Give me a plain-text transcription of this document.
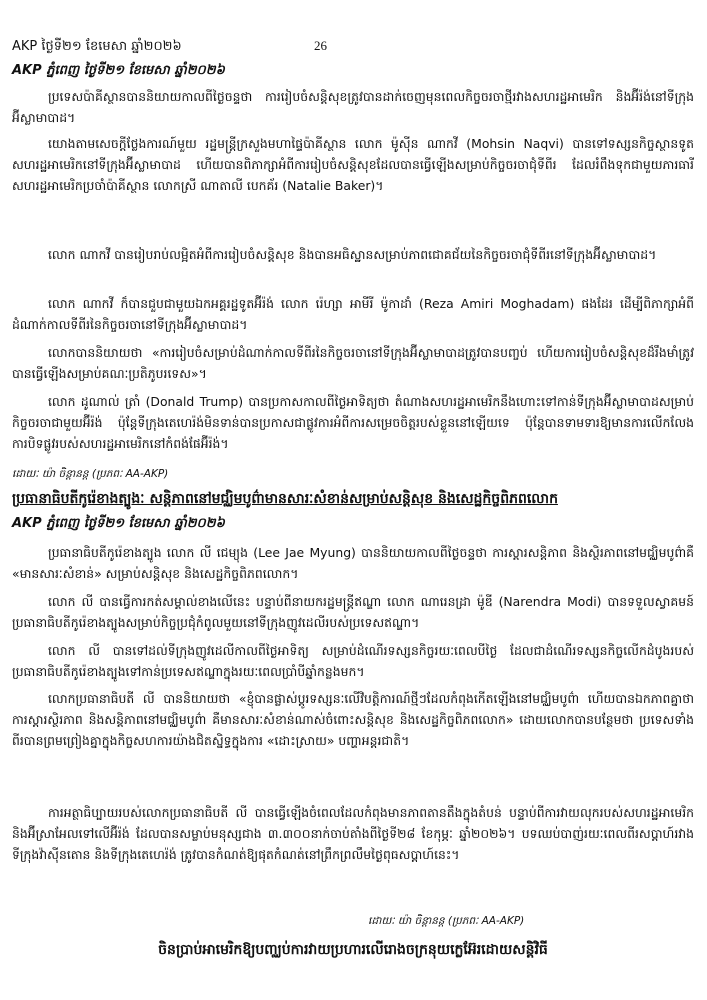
AKP ថ្ងៃទី២១ ខែមេសា ឆ្នាំ២០២៦	26
AKP ភ្នំពេញ ថ្ងៃទី២១ ខែមេសា ឆ្នាំ២០២៦

ប្រទេសប៉ាគីស្ថានបាននិយាយកាលពីថ្ងៃចន្ទថា ការរៀបចំសន្តិសុខត្រូវបានដាក់ចេញមុនពេលកិច្ចចរចាថ្មីរវាងសហរដ្ឋអាមេរិក និងអ៊ីរ៉ង់នៅទីក្រុងអ៊ីស្លាមាបាដ។

យោងតាមសេចក្តីថ្លែងការណ៍មួយ រដ្ឋមន្ត្រីក្រសួងមហាផ្ទៃប៉ាគីស្ថាន លោក ម៉ូស៊ីន ណាកវី (Mohsin Naqvi) បានទៅទស្សនកិច្ចស្ថានទូតសហរដ្ឋអាមេរិកនៅទីក្រុងអ៊ីស្លាមាបាដ ហើយបានពិភាក្សាអំពីការរៀបចំសន្តិសុខដែលបានធ្វើឡើងសម្រាប់កិច្ចចរចាជុំទីពីរ ដែលរំពឹងទុកជាមួយភារធារីសហរដ្ឋអាមេរិកប្រចាំប៉ាគីស្ថាន លោកស្រី ណាតាលី បេកគ័រ (Natalie Baker)។

លោក ណាកវី បានរៀបរាប់លម្អិតអំពីការរៀបចំសន្តិសុខ និងបានអធិស្ឋានសម្រាប់ភាពជោគជ័យនៃកិច្ចចរចាជុំទីពីរនៅទីក្រុងអ៊ីស្លាមាបាដ។

លោក ណាកវី ក៏បានជួបជាមួយឯកអគ្គរដ្ឋទូតអ៊ីរ៉ង់ លោក រ៉េហ្សា អាមីរី ម៉ូកាដាំ (Reza Amiri Moghadam) ផងដែរ ដើម្បីពិភាក្សាអំពីដំណាក់កាលទីពីរនៃកិច្ចចរចានៅទីក្រុងអ៊ីស្លាមាបាដ។

លោកបាននិយាយថា «ការរៀបចំសម្រាប់ដំណាក់កាលទីពីរនៃកិច្ចចរចានៅទីក្រុងអ៊ីស្លាមាបាដត្រូវបានបញ្ចប់ ហើយការរៀបចំសន្តិសុខដ៏រឹងមាំត្រូវបានធ្វើឡើងសម្រាប់គណៈប្រតិភូបរទេស»។

លោក ដូណាល់ ត្រាំ (Donald Trump) បានប្រកាសកាលពីថ្ងៃអាទិត្យថា តំណាងសហរដ្ឋអាមេរិកនឹងហោះទៅកាន់ទីក្រុងអ៊ីស្លាមាបាដសម្រាប់កិច្ចចរចាជាមួយអ៊ីរ៉ង់ ប៉ុន្តែទីក្រុងតេហេរ៉ង់មិនទាន់បានប្រកាសជាផ្លូវការអំពីការសម្រេចចិត្តរបស់ខ្លួននៅឡើយទេ ប៉ុន្តែបានទាមទារឱ្យមានការលើកលែងការបិទផ្លូវរបស់សហរដ្ឋអាមេរិកនៅកំពង់ផែអ៊ីរ៉ង់។

ដោយៈ យ៉ា ចិន្តានន្ត (ប្រភពៈ AA-AKP)
ប្រធានាធិបតីកូរ៉េខាងត្បូងៈ សន្តិភាពនៅមជ្ឈិមបូព៌ាមានសារៈសំខាន់សម្រាប់សន្តិសុខ និងសេដ្ឋកិច្ចពិភពលោក
AKP ភ្នំពេញ ថ្ងៃទី២១ ខែមេសា ឆ្នាំ២០២៦

ប្រធានាធិបតីកូរ៉េខាងត្បូង លោក លី ជេម្យុង (Lee Jae Myung) បាននិយាយកាលពីថ្ងៃចន្ទថា ការស្តារសន្តិភាព និងស្ថិរភាពនៅមជ្ឈិមបូព៌ាគឺ «មានសារៈសំខាន់» សម្រាប់សន្តិសុខ និងសេដ្ឋកិច្ចពិភពលោក។

លោក លី បានធ្វើការកត់សម្គាល់ខាងលើនេះ បន្ទាប់ពីនាយករដ្ឋមន្ត្រីឥណ្ឌា លោក ណារេនដ្រា ម៉ូឌី (Narendra Modi) បានទទួលស្វាគមន៍ប្រធានាធិបតីកូរ៉េខាងត្បូងសម្រាប់កិច្ចប្រជុំកំពូលមួយនៅទីក្រុងញូវដេលីរបស់ប្រទេសឥណ្ឌា។

លោក លី បានទៅដល់ទីក្រុងញូវដេលីកាលពីថ្ងៃអាទិត្យ សម្រាប់ដំណើរទស្សនកិច្ចរយៈពេលបីថ្ងៃ ដែលជាដំណើរទស្សនកិច្ចលើកដំបូងរបស់ប្រធានាធិបតីកូរ៉េខាងត្បូងទៅកាន់ប្រទេសឥណ្ឌាក្នុងរយៈពេលប្រាំបីឆ្នាំកន្លងមក។

លោកប្រធានាធិបតី លី បាននិយាយថា «ខ្ញុំបានផ្លាស់ប្តូរទស្សនៈលើវិបត្តិការណ៍ថ្មីៗដែលកំពុងកើតឡើងនៅមជ្ឈិមបូព៌ា ហើយបានឯកភាពគ្នាថា ការស្តារស្ថិរភាព និងសន្តិភាពនៅមជ្ឈិមបូព៌ា គឺមានសារៈសំខាន់ណាស់ចំពោះសន្តិសុខ និងសេដ្ឋកិច្ចពិភពលោក» ដោយលោកបានបន្ថែមថា ប្រទេសទាំងពីរបានព្រមព្រៀងគ្នាក្នុងកិច្ចសហការយ៉ាងជិតស្និទ្ធក្នុងការ «ដោះស្រាយ» បញ្ហាអន្តរជាតិ។

ការអត្ថាធិប្បាយរបស់លោកប្រធានាធិបតី លី បានធ្វើឡើងចំពេលដែលកំពុងមានភាពតានតឹងក្នុងតំបន់ បន្ទាប់ពីការវាយលុករបស់សហរដ្ឋអាមេរិក និងអ៊ីស្រាអែលទៅលើអ៊ីរ៉ង់ ដែលបានសម្លាប់មនុស្សជាង ៣.៣០០នាក់ចាប់តាំងពីថ្ងៃទី២៨ ខែកុម្ភៈ ឆ្នាំ២០២៦។ បទឈប់បាញ់រយៈពេលពីរសប្តាហ៍រវាងទីក្រុងវ៉ាស៊ីនតោន និងទីក្រុងតេហេរ៉ង់ ត្រូវបានកំណត់ឱ្យផុតកំណត់នៅព្រឹកព្រលឹមថ្ងៃពុធសប្តាហ៍នេះ។

ដោយៈ យ៉ា ចិន្តានន្ត (ប្រភពៈ AA-AKP)
ចិនប្រាប់អាមេរិកឱ្យបញ្ឈប់ការវាយប្រហារលើរោងចក្រនុយក្លេអ៊ែរដោយសន្តិវិធី
